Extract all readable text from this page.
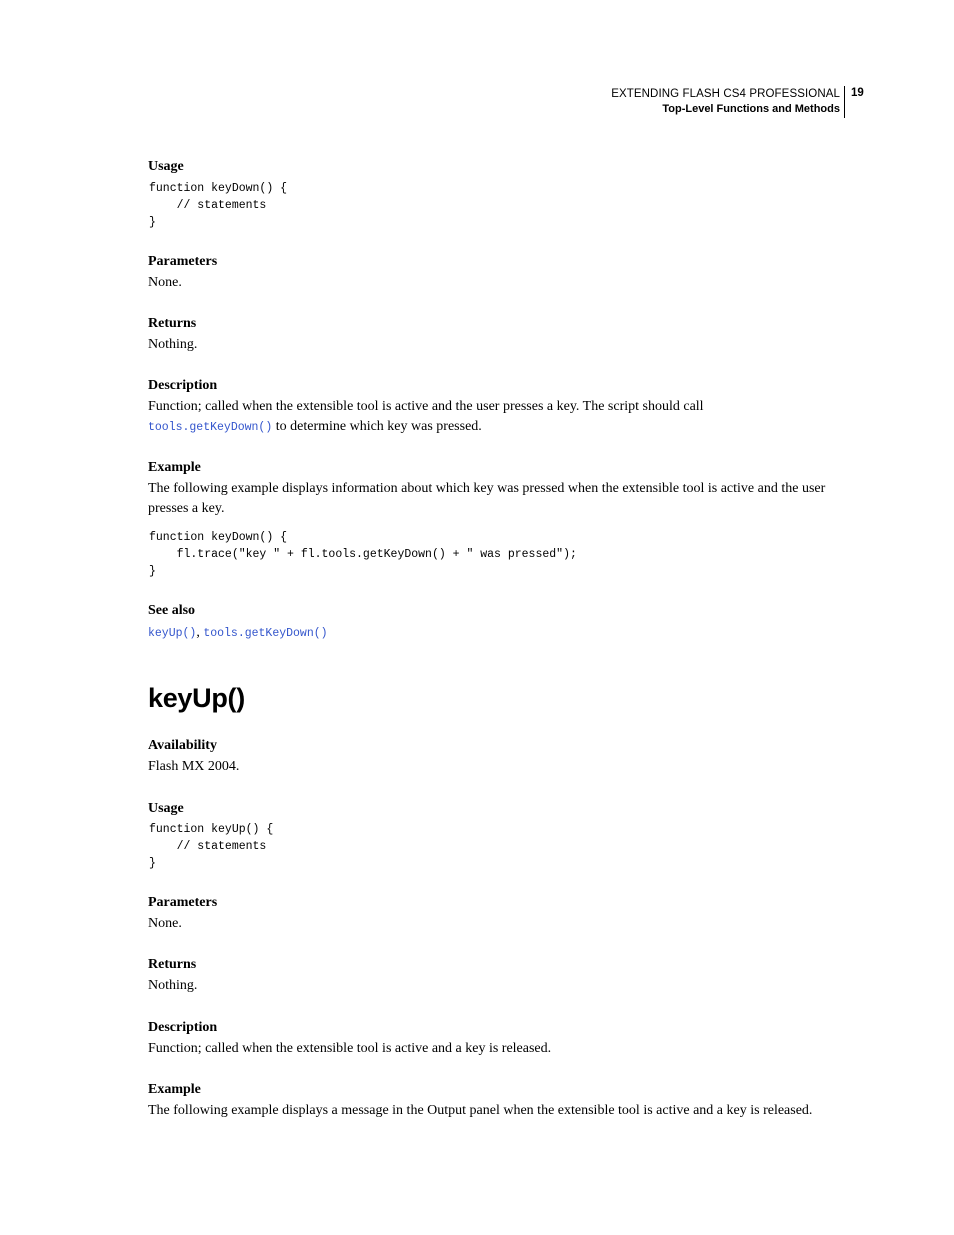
EXTENDING FLASH CS4 PROFESSIONAL
Top-Level Functions and Methods
19
Usage
function keyDown() {
// statements
}
Parameters
None.
Returns
Nothing.
Description
Function; called when the extensible tool is active and the user presses a key. The script should call
tools.getKeyDown() to determine which key was pressed.
Example
The following example displays information about which key was pressed when the extensible tool is active and the user presses a key.
function keyDown() {
fl.trace("key " + fl.tools.getKeyDown() + " was pressed");
}
See also
keyUp(), tools.getKeyDown()
keyUp()
Availability
Flash MX 2004.
Usage
function keyUp() {
// statements
}
Parameters
None.
Returns
Nothing.
Description
Function; called when the extensible tool is active and a key is released.
Example
The following example displays a message in the Output panel when the extensible tool is active and a key is released.
